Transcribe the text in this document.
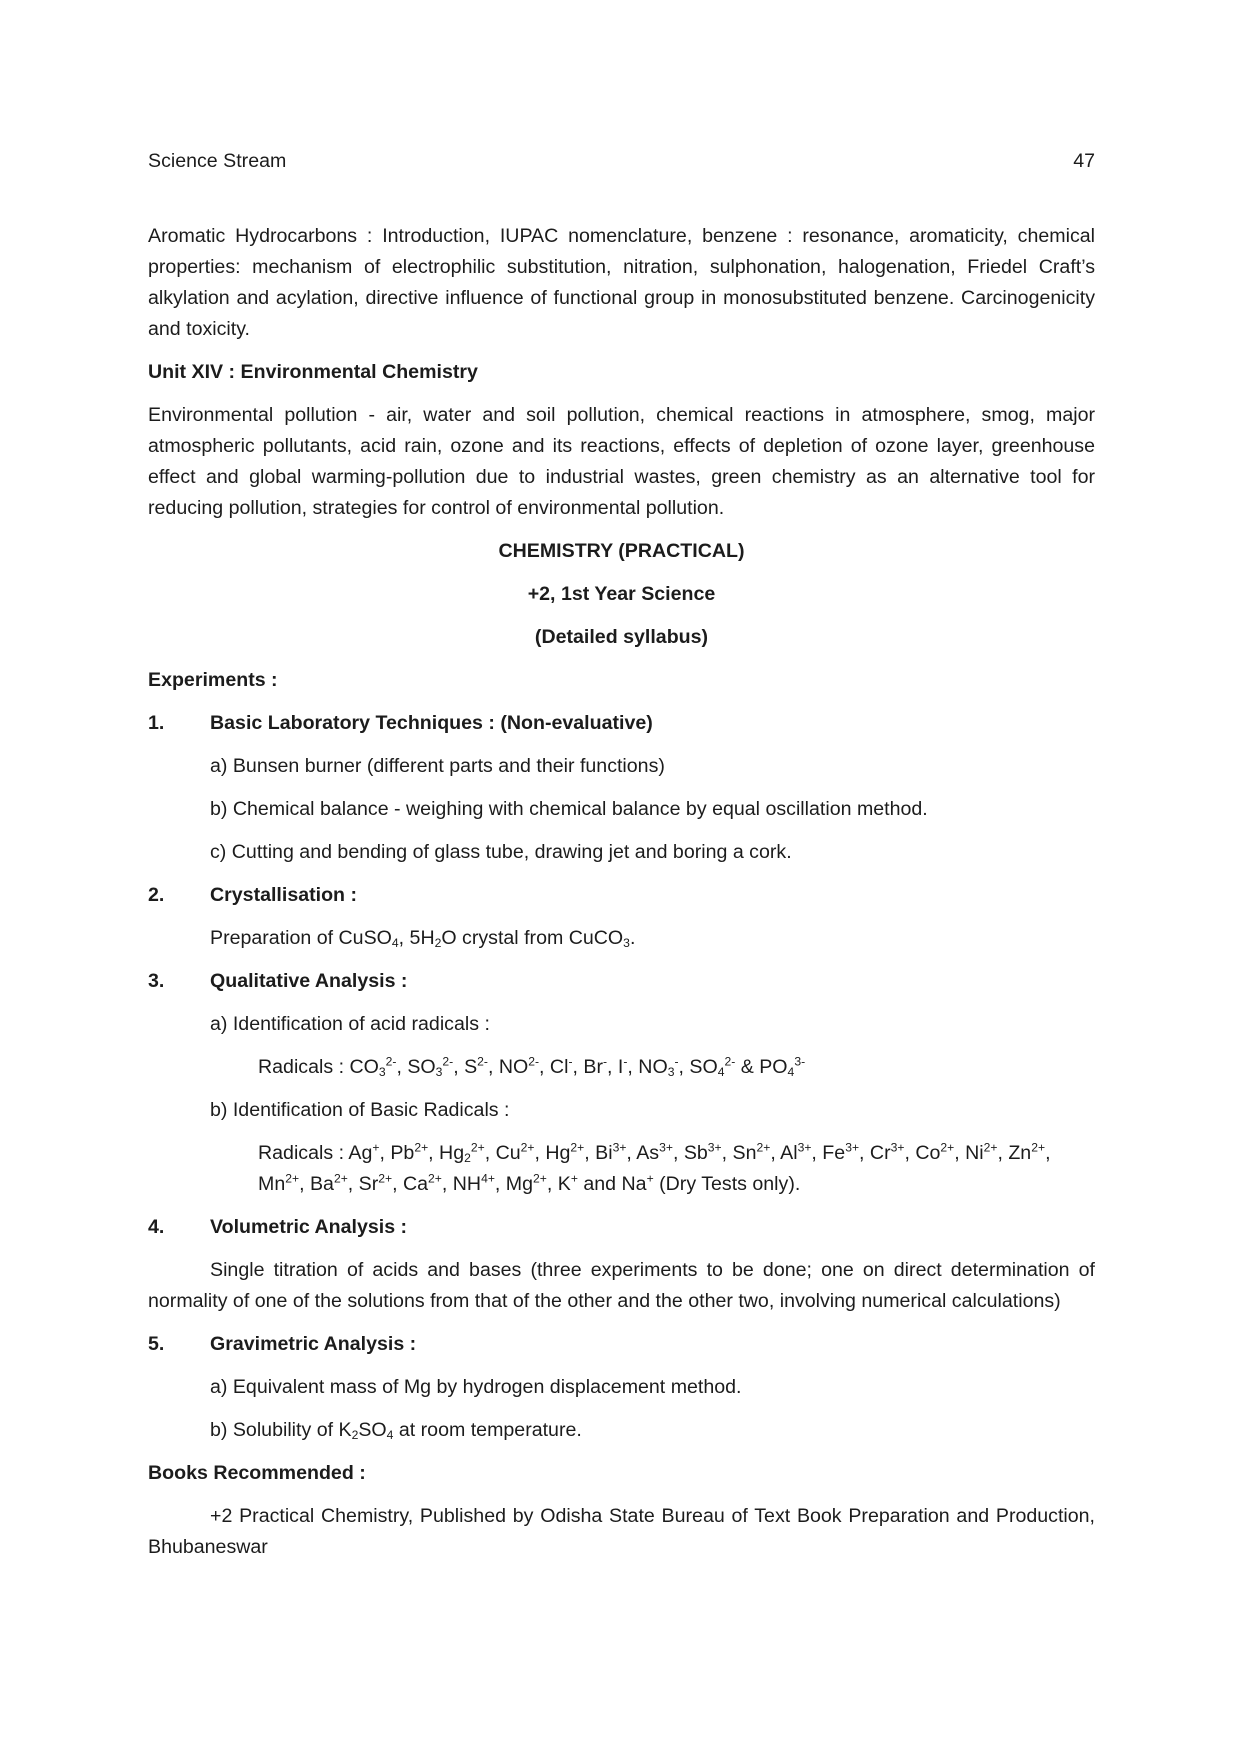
Science Stream	47

Aromatic Hydrocarbons : Introduction, IUPAC nomenclature, benzene : resonance, aromaticity, chemical properties: mechanism of electrophilic substitution, nitration, sulphonation, halogenation, Friedel Craft’s alkylation and acylation, directive influence of functional group in monosubstituted benzene. Carcinogenicity and toxicity.

Unit XIV : Environmental Chemistry

Environmental pollution - air, water and soil pollution, chemical reactions in atmosphere, smog, major atmospheric pollutants, acid rain, ozone and its reactions, effects of depletion of ozone layer, greenhouse effect and global warming-pollution due to industrial wastes, green chemistry as an alternative tool for reducing pollution, strategies for control of environmental pollution.

CHEMISTRY (PRACTICAL)

+2, 1st Year Science

(Detailed syllabus)

Experiments :

1. Basic Laboratory Techniques : (Non-evaluative)

a) Bunsen burner (different parts and their functions)

b) Chemical balance - weighing with chemical balance by equal oscillation method.

c) Cutting and bending of glass tube, drawing jet and boring a cork.

2. Crystallisation :

Preparation of CuSO$_4$, $5H_2O$ crystal from CuCO$_3$.

3. Qualitative Analysis :

a) Identification of acid radicals :

Radicals : $CO_3^{2-}$, $SO_3^{2-}$, $S^{2-}$, $NO^{2-}$, Cl-, Br-, I-, $NO_3^-$, $SO_4^{2-}$ & $PO_4^{3-}$

b) Identification of Basic Radicals :

Radicals : Ag+, $Pb^{2+}$, $Hg_2^{2+}$, $Cu^{2+}$, $Hg^{2+}$, $Bi^{3+}$, $As^{3+}$, $Sb^{3+}$, $Sn^{2+}$, $Al^{3+}$, $Fe^{3+}$, $Cr^{3+}$, $Co^{2+}$, $Ni^{2+}$, $Zn^{2+}$, $Mn^{2+}$, $Ba^{2+}$, $Sr^{2+}$, $Ca^{2+}$, $NH^{4+}$, $Mg^{2+}$, K+ and Na+ (Dry Tests only).

4. Volumetric Analysis :

Single titration of acids and bases (three experiments to be done; one on direct determination of normality of one of the solutions from that of the other and the other two, involving numerical calculations)

5. Gravimetric Analysis :

a) Equivalent mass of Mg by hydrogen displacement method.

b) Solubility of $K_2SO_4$ at room temperature.

Books Recommended :

+2 Practical Chemistry, Published by Odisha State Bureau of Text Book Preparation and Production, Bhubaneswar
